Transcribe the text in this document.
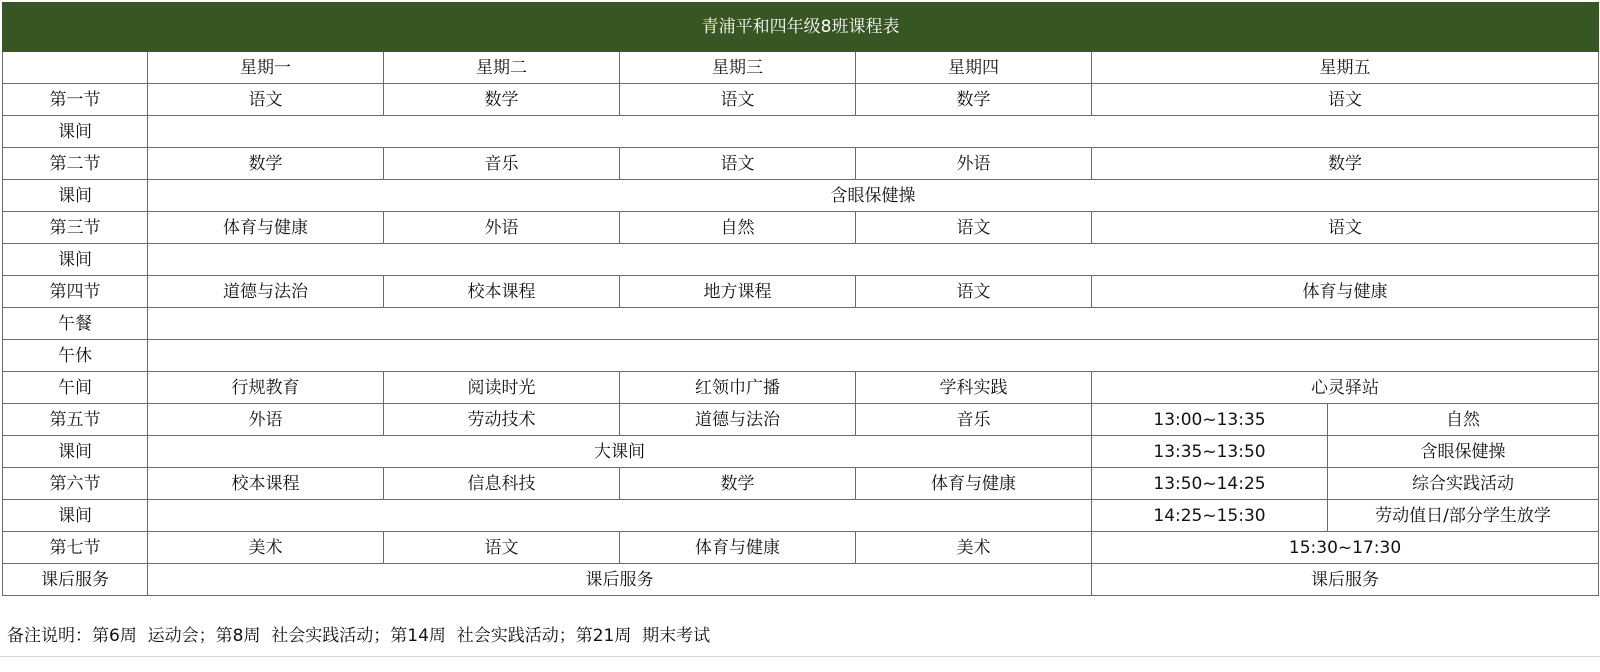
青浦平和四年级8班课程表						
	星期一	星期二	星期三	星期四	星期五	
第一节	语文	数学	语文	数学	语文	
课间						
第二节	数学	音乐	语文	外语	数学	
课间	含眼保健操					
第三节	体育与健康	外语	自然	语文	语文	
课间						
第四节	道德与法治	校本课程	地方课程	语文	体育与健康	
午餐						
午休						
午间	行规教育	阅读时光	红领巾广播	学科实践	心灵驿站	
第五节	外语	劳动技术	道德与法治	音乐	13:00~13:35	自然
课间	大课间				13:35~13:50	含眼保健操
第六节	校本课程	信息科技	数学	体育与健康	13:50~14:25	综合实践活动
课间					14:25~15:30	劳动值日/部分学生放学
第七节	美术	语文	体育与健康	美术	15:30~17:30	
课后服务	课后服务				课后服务	
备注说明：第6周  运动会；第8周  社会实践活动；第14周  社会实践活动；第21周  期末考试
